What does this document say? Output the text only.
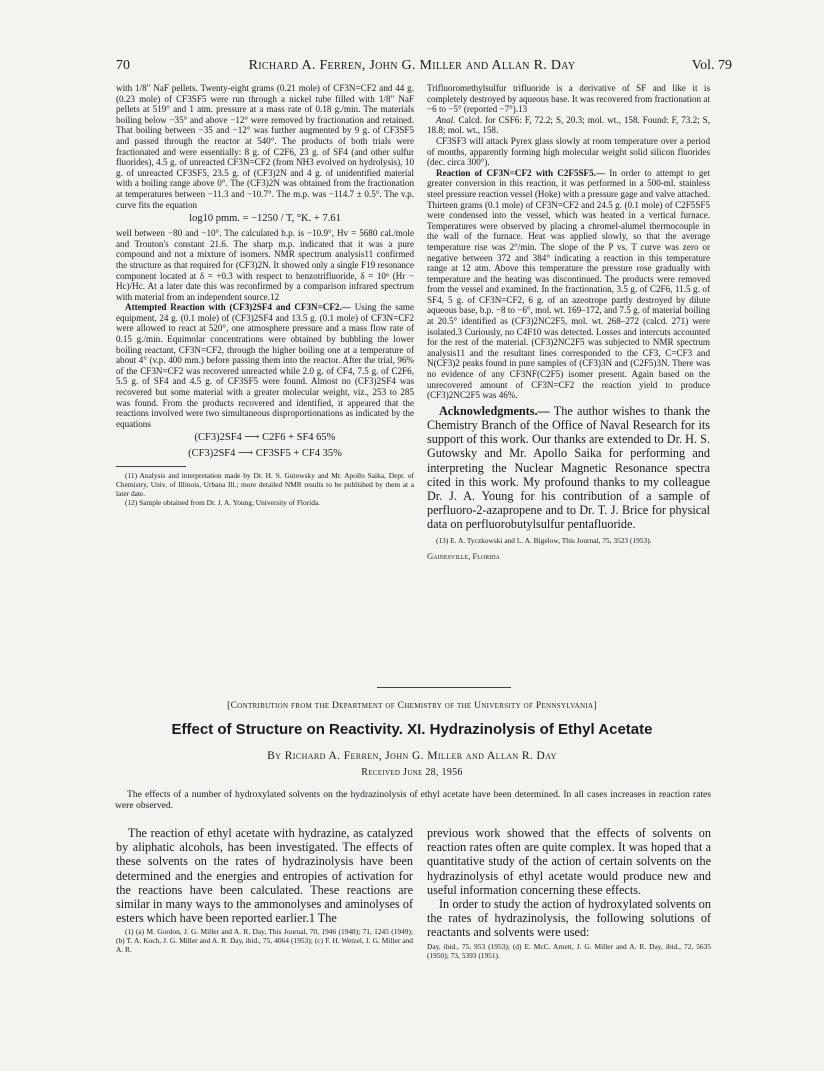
70	Richard A. Ferren, John G. Miller and Allan R. Day	Vol. 79

with 1/8" NaF pellets. Twenty-eight grams (0.21 mole) of CF3N=CF2 and 44 g. (0.23 mole) of CF3SF5 were run through a nickel tube filled with 1/8" NaF pellets at 519° and 1 atm. pressure at a mass rate of 0.18 g./min. The materials boiling below −35° and above −12° were removed by fractionation and retained. That boiling between −35 and −12° was further augmented by 9 g. of CF3SF5 and passed through the reactor at 540°. The products of both trials were fractionated and were essentially: 8 g. of C2F6, 23 g. of SF4 (and other sulfur fluorides), 4.5 g. of unreacted CF3N=CF2 (from NH3 evolved on hydrolysis), 10 g. of unreacted CF3SF5, 23.5 g. of (CF3)2N and 4 g. of unidentified material with a boiling range above 0°. The (CF3)2N was obtained from the fractionation at temperatures between −11.3 and −10.7°. The m.p. was −114.7 ± 0.5°. The v.p. curve fits the equation

log10 pmm. = −1250 / T, °K. + 7.61

well between −80 and −10°. The calculated b.p. is −10.9°, Hv = 5680 cal./mole and Trouton's constant 21.6. The sharp m.p. indicated that it was a pure compound and not a mixture of isomers. NMR spectrum analysis11 confirmed the structure as that required for (CF3)2N. It showed only a single F19 resonance component located at δ = +0.3 with respect to benzotrifluoride, δ = 10⁶ (Hr − Hc)/Hc. At a later date this was reconfirmed by a comparison infrared spectrum with material from an independent source.12

Attempted Reaction with (CF3)2SF4 and CF3N=CF2.— Using the same equipment, 24 g. (0.1 mole) of (CF3)2SF4 and 13.5 g. (0.1 mole) of CF3N=CF2 were allowed to react at 520°, one atmosphere pressure and a mass flow rate of 0.15 g./min. Equimolar concentrations were obtained by bubbling the lower boiling reactant, CF3N=CF2, through the higher boiling one at a temperature of about 4° (v.p. 400 mm.) before passing them into the reactor. After the trial, 96% of the CF3N=CF2 was recovered unreacted while 2.0 g. of CF4, 7.5 g. of C2F6, 5.5 g. of SF4 and 4.5 g. of CF3SF5 were found. Almost no (CF3)2SF4 was recovered but some material with a greater molecular weight, viz., 253 to 285 was found. From the products recovered and identified, it appeared that the reactions involved were two simultaneous disproportionations as indicated by the equations

(CF3)2SF4 ⟶ C2F6 + SF4 65%

(CF3)2SF4 ⟶ CF3SF5 + CF4 35%

(11) Analysis and interpretation made by Dr. H. S. Gutowsky and Mr. Apollo Saika, Dept. of Chemistry, Univ. of Illinois, Urbana Ill.; more detailed NMR results to be published by them at a later date.

(12) Sample obtained from Dr. J. A. Young, University of Florida.

Trifluoromethylsulfur trifluoride is a derivative of SF and like it is completely destroyed by aqueous base. It was recovered from fractionation at −6 to −5° (reported −7°).13

Anal. Calcd. for CSF6: F, 72.2; S, 20.3; mol. wt., 158. Found: F, 73.2; S, 18.8; mol. wt., 158.

CF3SF3 will attack Pyrex glass slowly at room temperature over a period of months, apparently forming high molecular weight solid silicon fluorides (dec. circa 300°).

Reaction of CF3N=CF2 with C2F5SF5.— In order to attempt to get greater conversion in this reaction, it was performed in a 500-ml. stainless steel pressure reaction vessel (Hoke) with a pressure gage and valve attached. Thirteen grams (0.1 mole) of CF3N=CF2 and 24.5 g. (0.1 mole) of C2F5SF5 were condensed into the vessel, which was heated in a vertical furnace. Temperatures were observed by placing a chromel-alumel thermocouple in the wall of the furnace. Heat was applied slowly, so that the average temperature rise was 2°/min. The slope of the P vs. T curve was zero or negative between 372 and 384° indicating a reaction in this temperature range at 12 atm. Above this temperature the pressure rose gradually with temperature and the heating was discontinued. The products were removed from the vessel and examined. In the fractionation, 3.5 g. of C2F6, 11.5 g. of SF4, 5 g. of CF3N=CF2, 6 g. of an azeotrope partly destroyed by dilute aqueous base, b.p. −8 to −6°, mol. wt. 169–172, and 7.5 g. of material boiling at 20.5° identified as (CF3)2NC2F5, mol. wt. 268–272 (calcd. 271) were isolated.3 Curiously, no C4F10 was detected. Losses and intercuts accounted for the rest of the material. (CF3)2NC2F5 was subjected to NMR spectrum analysis11 and the resultant lines corresponded to the CF3, C=CF3 and N(CF3)2 peaks found in pure samples of (CF3)3N and (C2F5)3N. There was no evidence of any CF3NF(C2F5) isomer present. Again based on the unrecovered amount of CF3N=CF2 the reaction yield to produce (CF3)2NC2F5 was 46%.

Acknowledgments.— The author wishes to thank the Chemistry Branch of the Office of Naval Research for its support of this work. Our thanks are extended to Dr. H. S. Gutowsky and Mr. Apollo Saika for performing and interpreting the Nuclear Magnetic Resonance spectra cited in this work. My profound thanks to my colleague Dr. J. A. Young for his contribution of a sample of perfluoro-2-azapropene and to Dr. T. J. Brice for physical data on perfluorobutylsulfur pentafluoride.

(13) E. A. Tyczkowski and L. A. Bigelow, This Journal, 75, 3523 (1953).

Gainesville, Florida

[Contribution from the Department of Chemistry of the University of Pennsylvania]
Effect of Structure on Reactivity. XI. Hydrazinolysis of Ethyl Acetate
By Richard A. Ferren, John G. Miller and Allan R. Day
Received June 28, 1956
The effects of a number of hydroxylated solvents on the hydrazinolysis of ethyl acetate have been determined. In all cases increases in reaction rates were observed.

The reaction of ethyl acetate with hydrazine, as catalyzed by aliphatic alcohols, has been investigated. The effects of these solvents on the rates of hydrazinolysis have been determined and the energies and entropies of activation for the reactions have been calculated. These reactions are similar in many ways to the ammonolyses and aminolyses of esters which have been reported earlier.1 The

(1) (a) M. Gordon, J. G. Miller and A. R. Day, This Journal, 70, 1946 (1948); 71, 1245 (1949); (b) T. A. Koch, J. G. Miller and A. R. Day, ibid., 75, 4064 (1953); (c) F. H. Wetzel, J. G. Miller and A. R.

previous work showed that the effects of solvents on reaction rates often are quite complex. It was hoped that a quantitative study of the action of certain solvents on the hydrazinolysis of ethyl acetate would produce new and useful information concerning these effects.

In order to study the action of hydroxylated solvents on the rates of hydrazinolysis, the following solutions of reactants and solvents were used:

Day, ibid., 75, 953 (1953); (d) E. McC. Arnett, J. G. Miller and A. R. Day, ibid., 72, 5635 (1950); 73, 5393 (1951).
